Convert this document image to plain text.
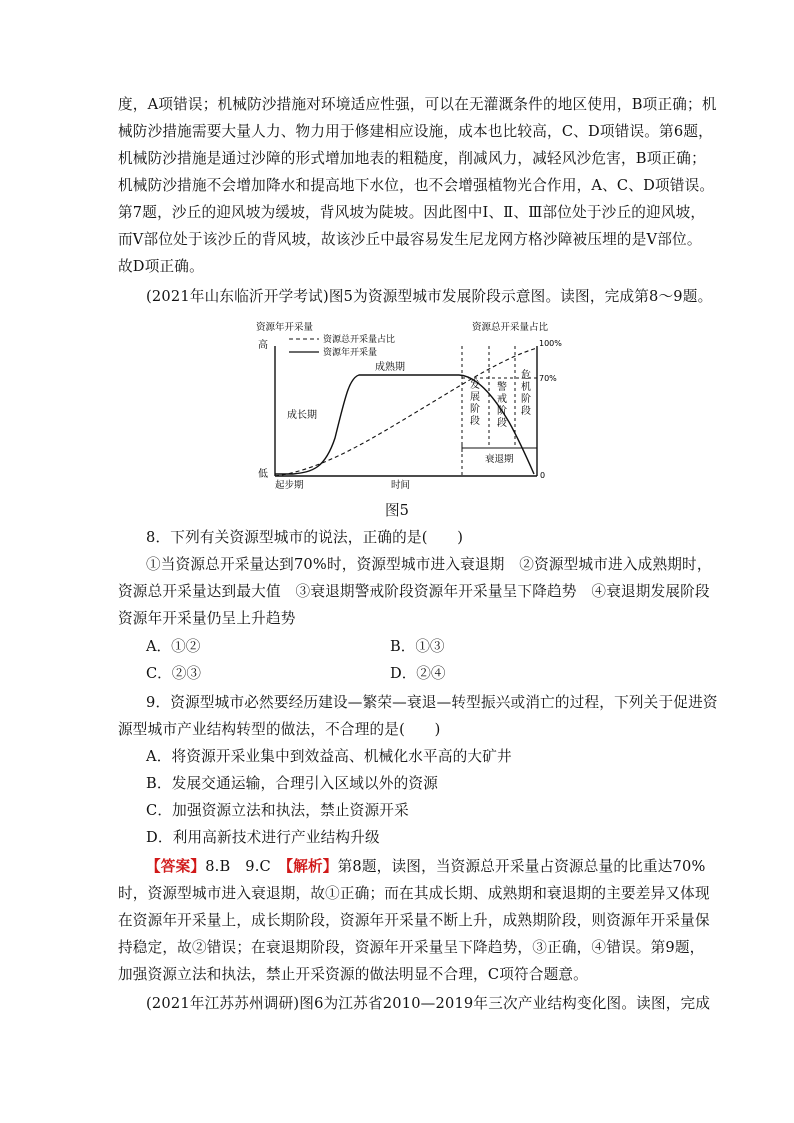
度，A项错误；机械防沙措施对环境适应性强，可以在无灌溉条件的地区使用，B项正确；机
械防沙措施需要大量人力、物力用于修建相应设施，成本也比较高，C、D项错误。第6题，
机械防沙措施是通过沙障的形式增加地表的粗糙度，削减风力，减轻风沙危害，B项正确；
机械防沙措施不会增加降水和提高地下水位，也不会增强植物光合作用，A、C、D项错误。
第7题，沙丘的迎风坡为缓坡，背风坡为陡坡。因此图中Ⅰ、Ⅱ、Ⅲ部位处于沙丘的迎风坡，
而Ⅴ部位处于该沙丘的背风坡，故该沙丘中最容易发生尼龙网方格沙障被压埋的是Ⅴ部位。
故D项正确。
(2021年山东临沂开学考试)图5为资源型城市发展阶段示意图。读图，完成第8～9题。
资源年开采量	资源总开采量占比
高
低
100%
70%
0
资源总开采量占比
资源年开采量
衰退期
成长期
成熟期
起步期	时间
发
展
阶
段
警
戒
阶
段
危
机
阶
段
图5
8．下列有关资源型城市的说法，正确的是(　　)
①当资源总开采量达到70%时，资源型城市进入衰退期　②资源型城市进入成熟期时，
资源总开采量达到最大值　③衰退期警戒阶段资源年开采量呈下降趋势　④衰退期发展阶段
资源年开采量仍呈上升趋势
A．①②	B．①③
C．②③	D．②④
9．资源型城市必然要经历建设—繁荣—衰退—转型振兴或消亡的过程，下列关于促进资
源型城市产业结构转型的做法，不合理的是(　　)
A．将资源开采业集中到效益高、机械化水平高的大矿井
B．发展交通运输，合理引入区域以外的资源
C．加强资源立法和执法，禁止资源开采
D．利用高新技术进行产业结构升级
【答案】8.B　9.C　【解析】第8题，读图，当资源总开采量占资源总量的比重达70%
时，资源型城市进入衰退期，故①正确；而在其成长期、成熟期和衰退期的主要差异又体现
在资源年开采量上，成长期阶段，资源年开采量不断上升，成熟期阶段，则资源年开采量保
持稳定，故②错误；在衰退期阶段，资源年开采量呈下降趋势，③正确，④错误。第9题，
加强资源立法和执法，禁止开采资源的做法明显不合理，C项符合题意。
(2021年江苏苏州调研)图6为江苏省2010—2019年三次产业结构变化图。读图，完成
